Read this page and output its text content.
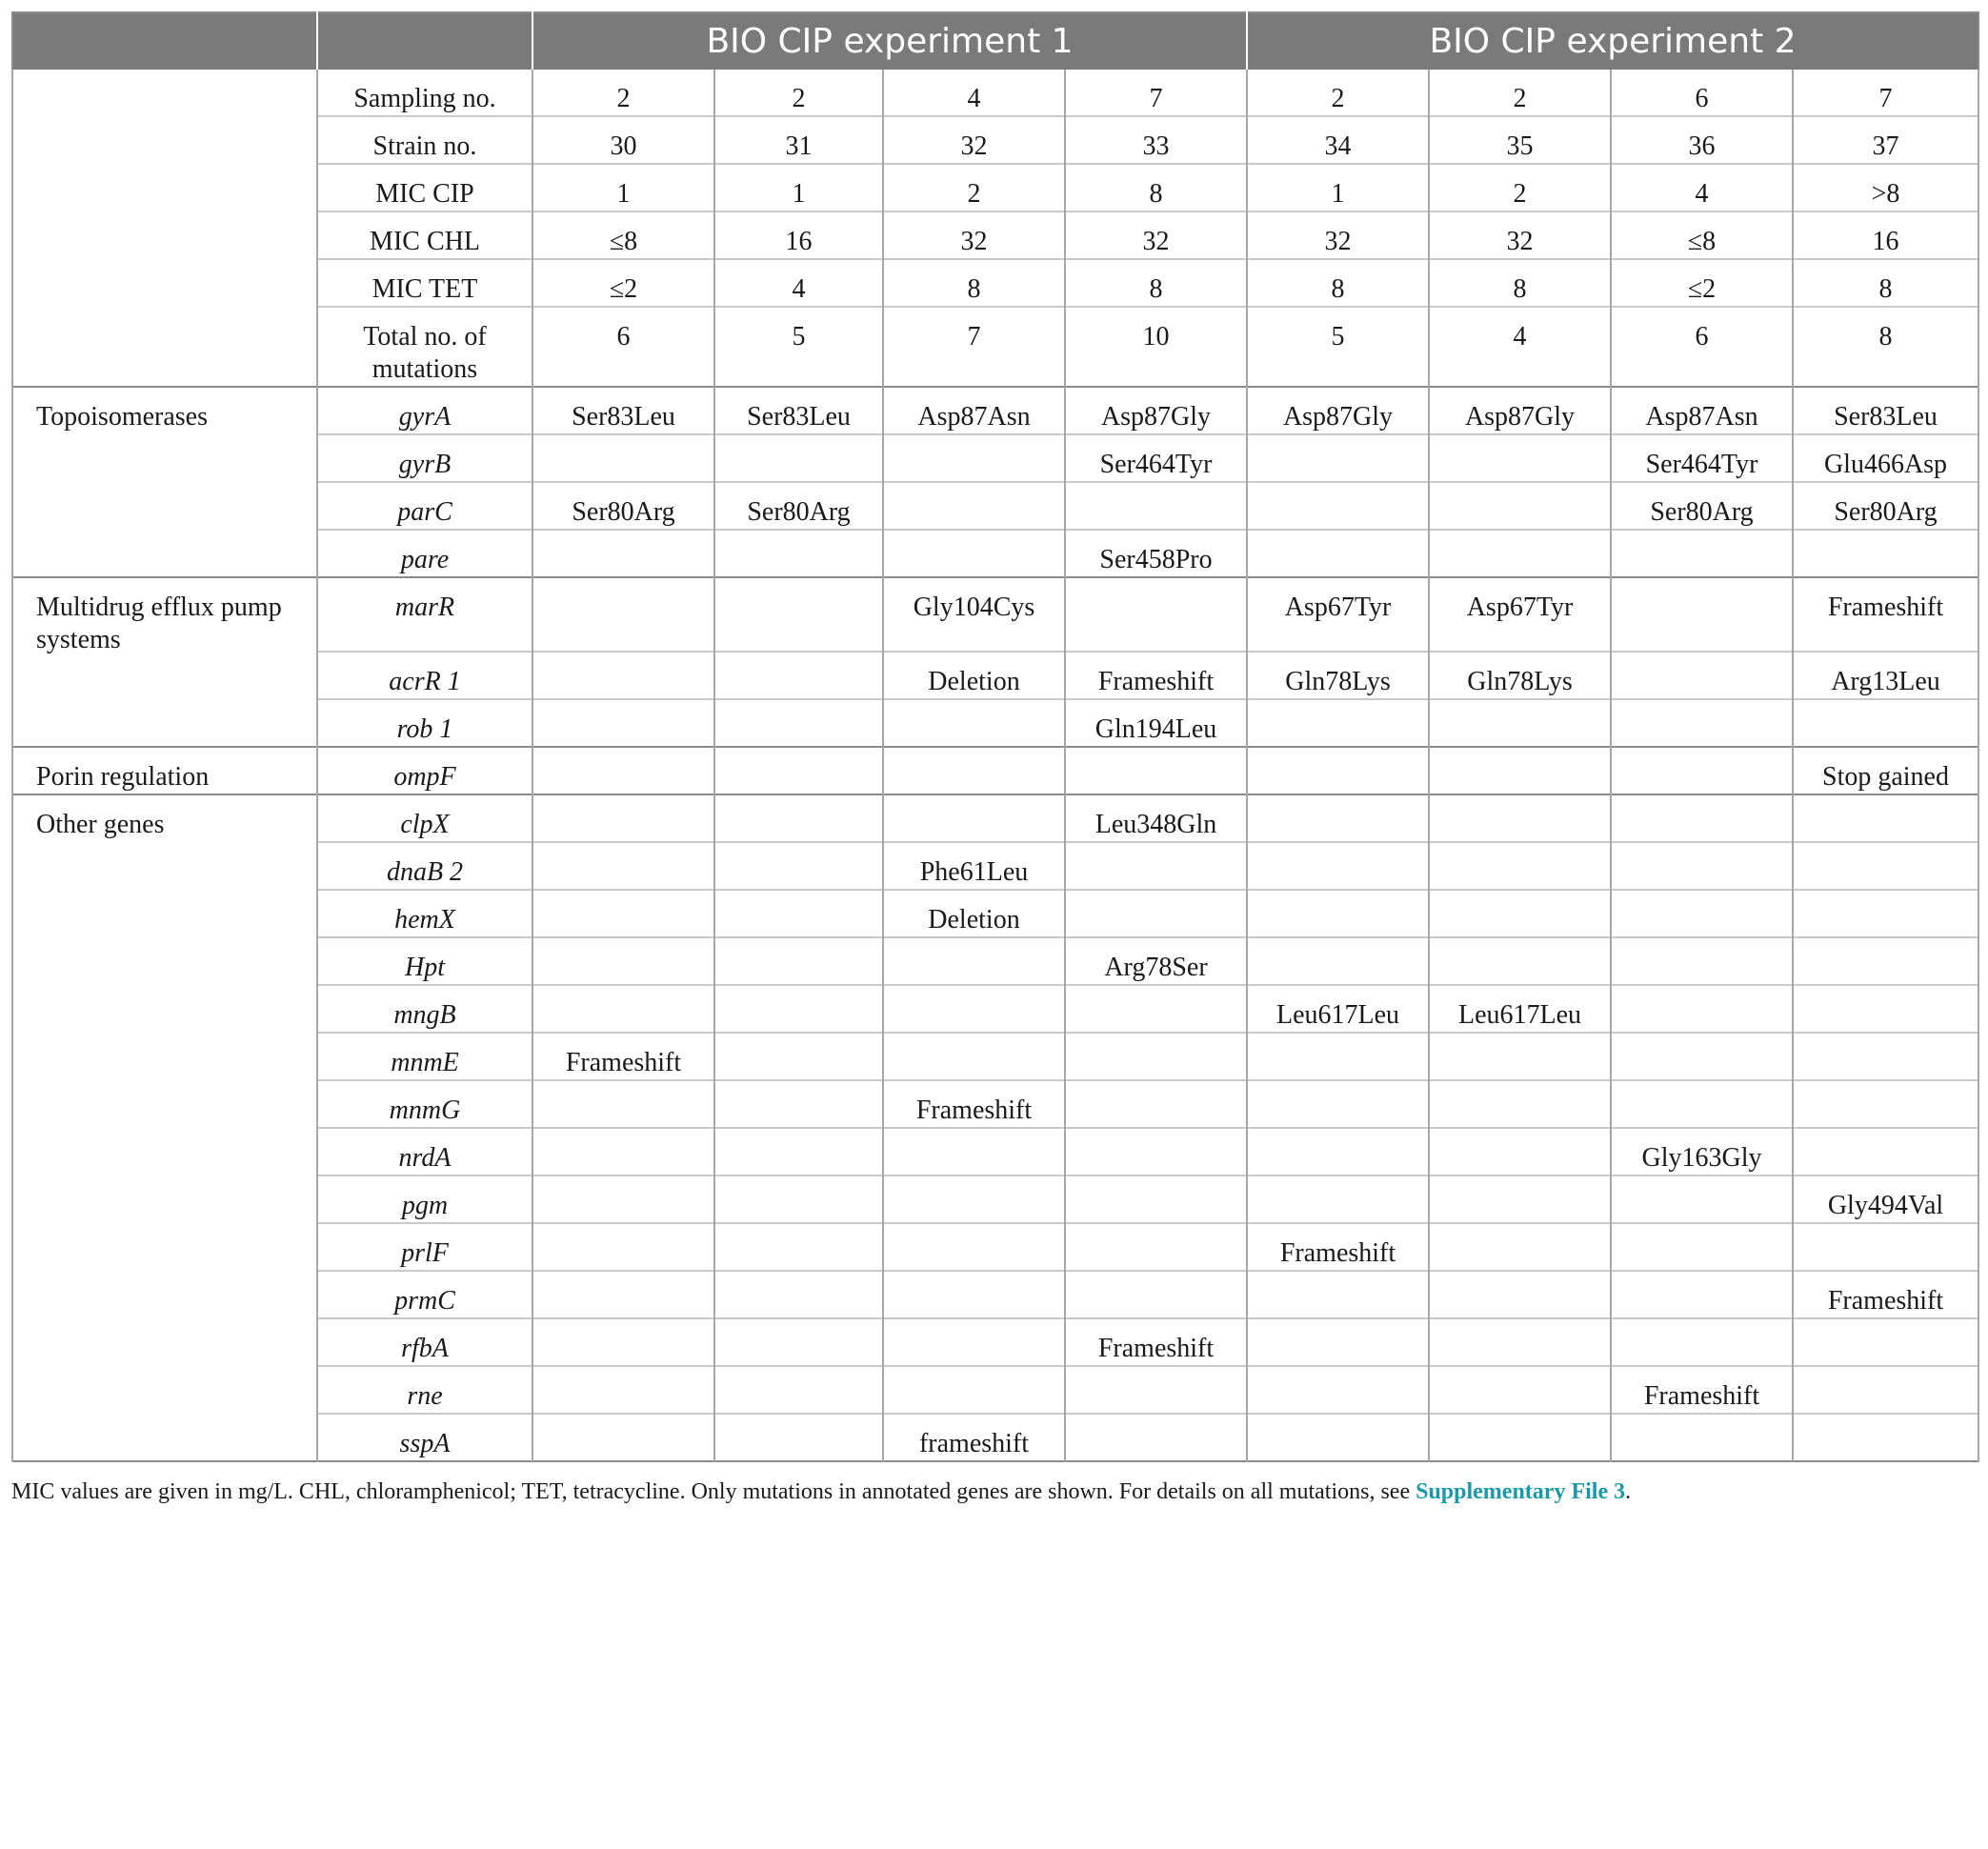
		BIO CIP experiment 1				BIO CIP experiment 2			
	Sampling no.	2	2	4	7	2	2	6	7
	Strain no.	30	31	32	33	34	35	36	37
	MIC CIP	1	1	2	8	1	2	4	>8
	MIC CHL	≤8	16	32	32	32	32	≤8	16
	MIC TET	≤2	4	8	8	8	8	≤2	8
	Total no. of mutations	6	5	7	10	5	4	6	8
Topoisomerases	gyrA	Ser83Leu	Ser83Leu	Asp87Asn	Asp87Gly	Asp87Gly	Asp87Gly	Asp87Asn	Ser83Leu
	gyrB				Ser464Tyr			Ser464Tyr	Glu466Asp
	parC	Ser80Arg	Ser80Arg					Ser80Arg	Ser80Arg
	pare				Ser458Pro				
Multidrug efflux pump systems	marR			Gly104Cys		Asp67Tyr	Asp67Tyr		Frameshift
	acrR 1			Deletion	Frameshift	Gln78Lys	Gln78Lys		Arg13Leu
	rob 1				Gln194Leu				
Porin regulation	ompF								Stop gained
Other genes	clpX				Leu348Gln				
	dnaB 2			Phe61Leu					
	hemX			Deletion					
	Hpt				Arg78Ser				
	mngB					Leu617Leu	Leu617Leu		
	mnmE	Frameshift							
	mnmG			Frameshift					
	nrdA							Gly163Gly	
	pgm								Gly494Val
	prlF					Frameshift			
	prmC								Frameshift
	rfbA				Frameshift				
	rne							Frameshift	
	sspA			frameshift					
MIC values are given in mg/L. CHL, chloramphenicol; TET, tetracycline. Only mutations in annotated genes are shown. For details on all mutations, see Supplementary File 3.
